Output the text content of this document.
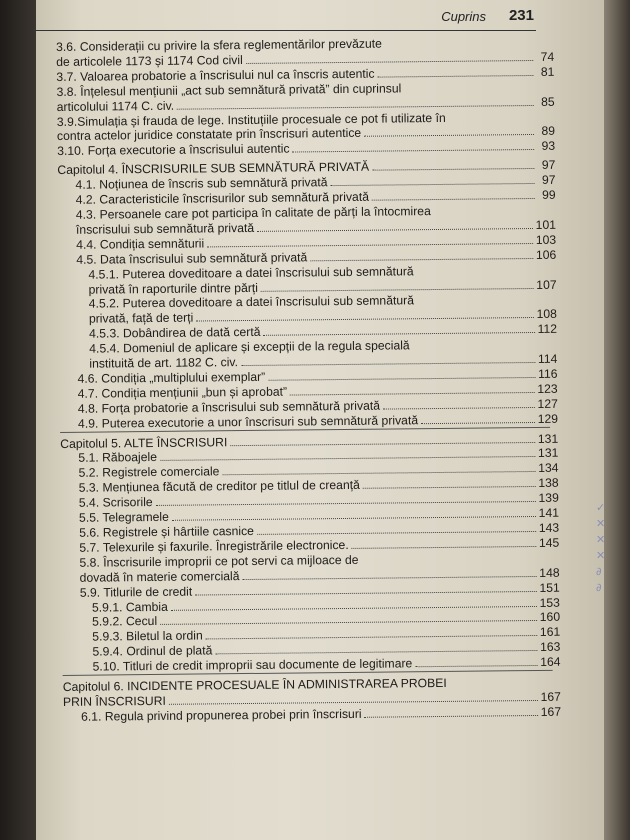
Cuprins 231
3.6. Considerații cu privire la sfera reglementărilor prevăzute
de articolele 1173 și 1174 Cod civil	74
3.7. Valoarea probatorie a înscrisului nul ca înscris autentic	81
3.8. Înțelesul mențiunii „act sub semnătură privată” din cuprinsul
articolului 1174 C. civ.	85
3.9.Simulația și frauda de lege. Instituțiile procesuale ce pot fi utilizate în
contra actelor juridice constatate prin înscrisuri autentice	89
3.10. Forța executorie a înscrisului autentic	93
Capitolul 4. ÎNSCRISURILE SUB SEMNĂTURĂ PRIVATĂ	97
4.1. Noțiunea de înscris sub semnătură privată	97
4.2. Caracteristicile înscrisurilor sub semnătură privată	99
4.3. Persoanele care pot participa în calitate de părți la întocmirea
înscrisului sub semnătură privată	101
4.4. Condiția semnăturii	103
4.5. Data înscrisului sub semnătură privată	106
4.5.1. Puterea doveditoare a datei înscrisului sub semnătură
privată în raporturile dintre părți	107
4.5.2. Puterea doveditoare a datei înscrisului sub semnătură
privată, față de terți	108
4.5.3. Dobândirea de dată certă	112
4.5.4. Domeniul de aplicare și excepții de la regula specială
instituită de art. 1182 C. civ.	114
4.6. Condiția „multiplului exemplar”	116
4.7. Condiția mențiunii „bun și aprobat”	123
4.8. Forța probatorie a înscrisului sub semnătură privată	127
4.9. Puterea executorie a unor înscrisuri sub semnătură privată	129
Capitolul 5. ALTE ÎNSCRISURI	131
5.1. Răboajele	131
5.2. Registrele comerciale	134
5.3. Mențiunea făcută de creditor pe titlul de creanță	138
5.4. Scrisorile	139
5.5. Telegramele	141
5.6. Registrele și hârtiile casnice	143
5.7. Telexurile și faxurile. Înregistrările electronice.	145
5.8. Înscrisurile improprii ce pot servi ca mijloace de
dovadă în materie comercială	148
5.9. Titlurile de credit	151
5.9.1. Cambia	153
5.9.2. Cecul	160
5.9.3. Biletul la ordin	161
5.9.4. Ordinul de plată	163
5.10. Titluri de credit improprii sau documente de legitimare	164
Capitolul 6. INCIDENTE PROCESUALE ÎN ADMINISTRAREA PROBEI
PRIN ÎNSCRISURI	167
6.1. Regula privind propunerea probei prin înscrisuri	167
✓
✕
✕
✕
∂
∂
